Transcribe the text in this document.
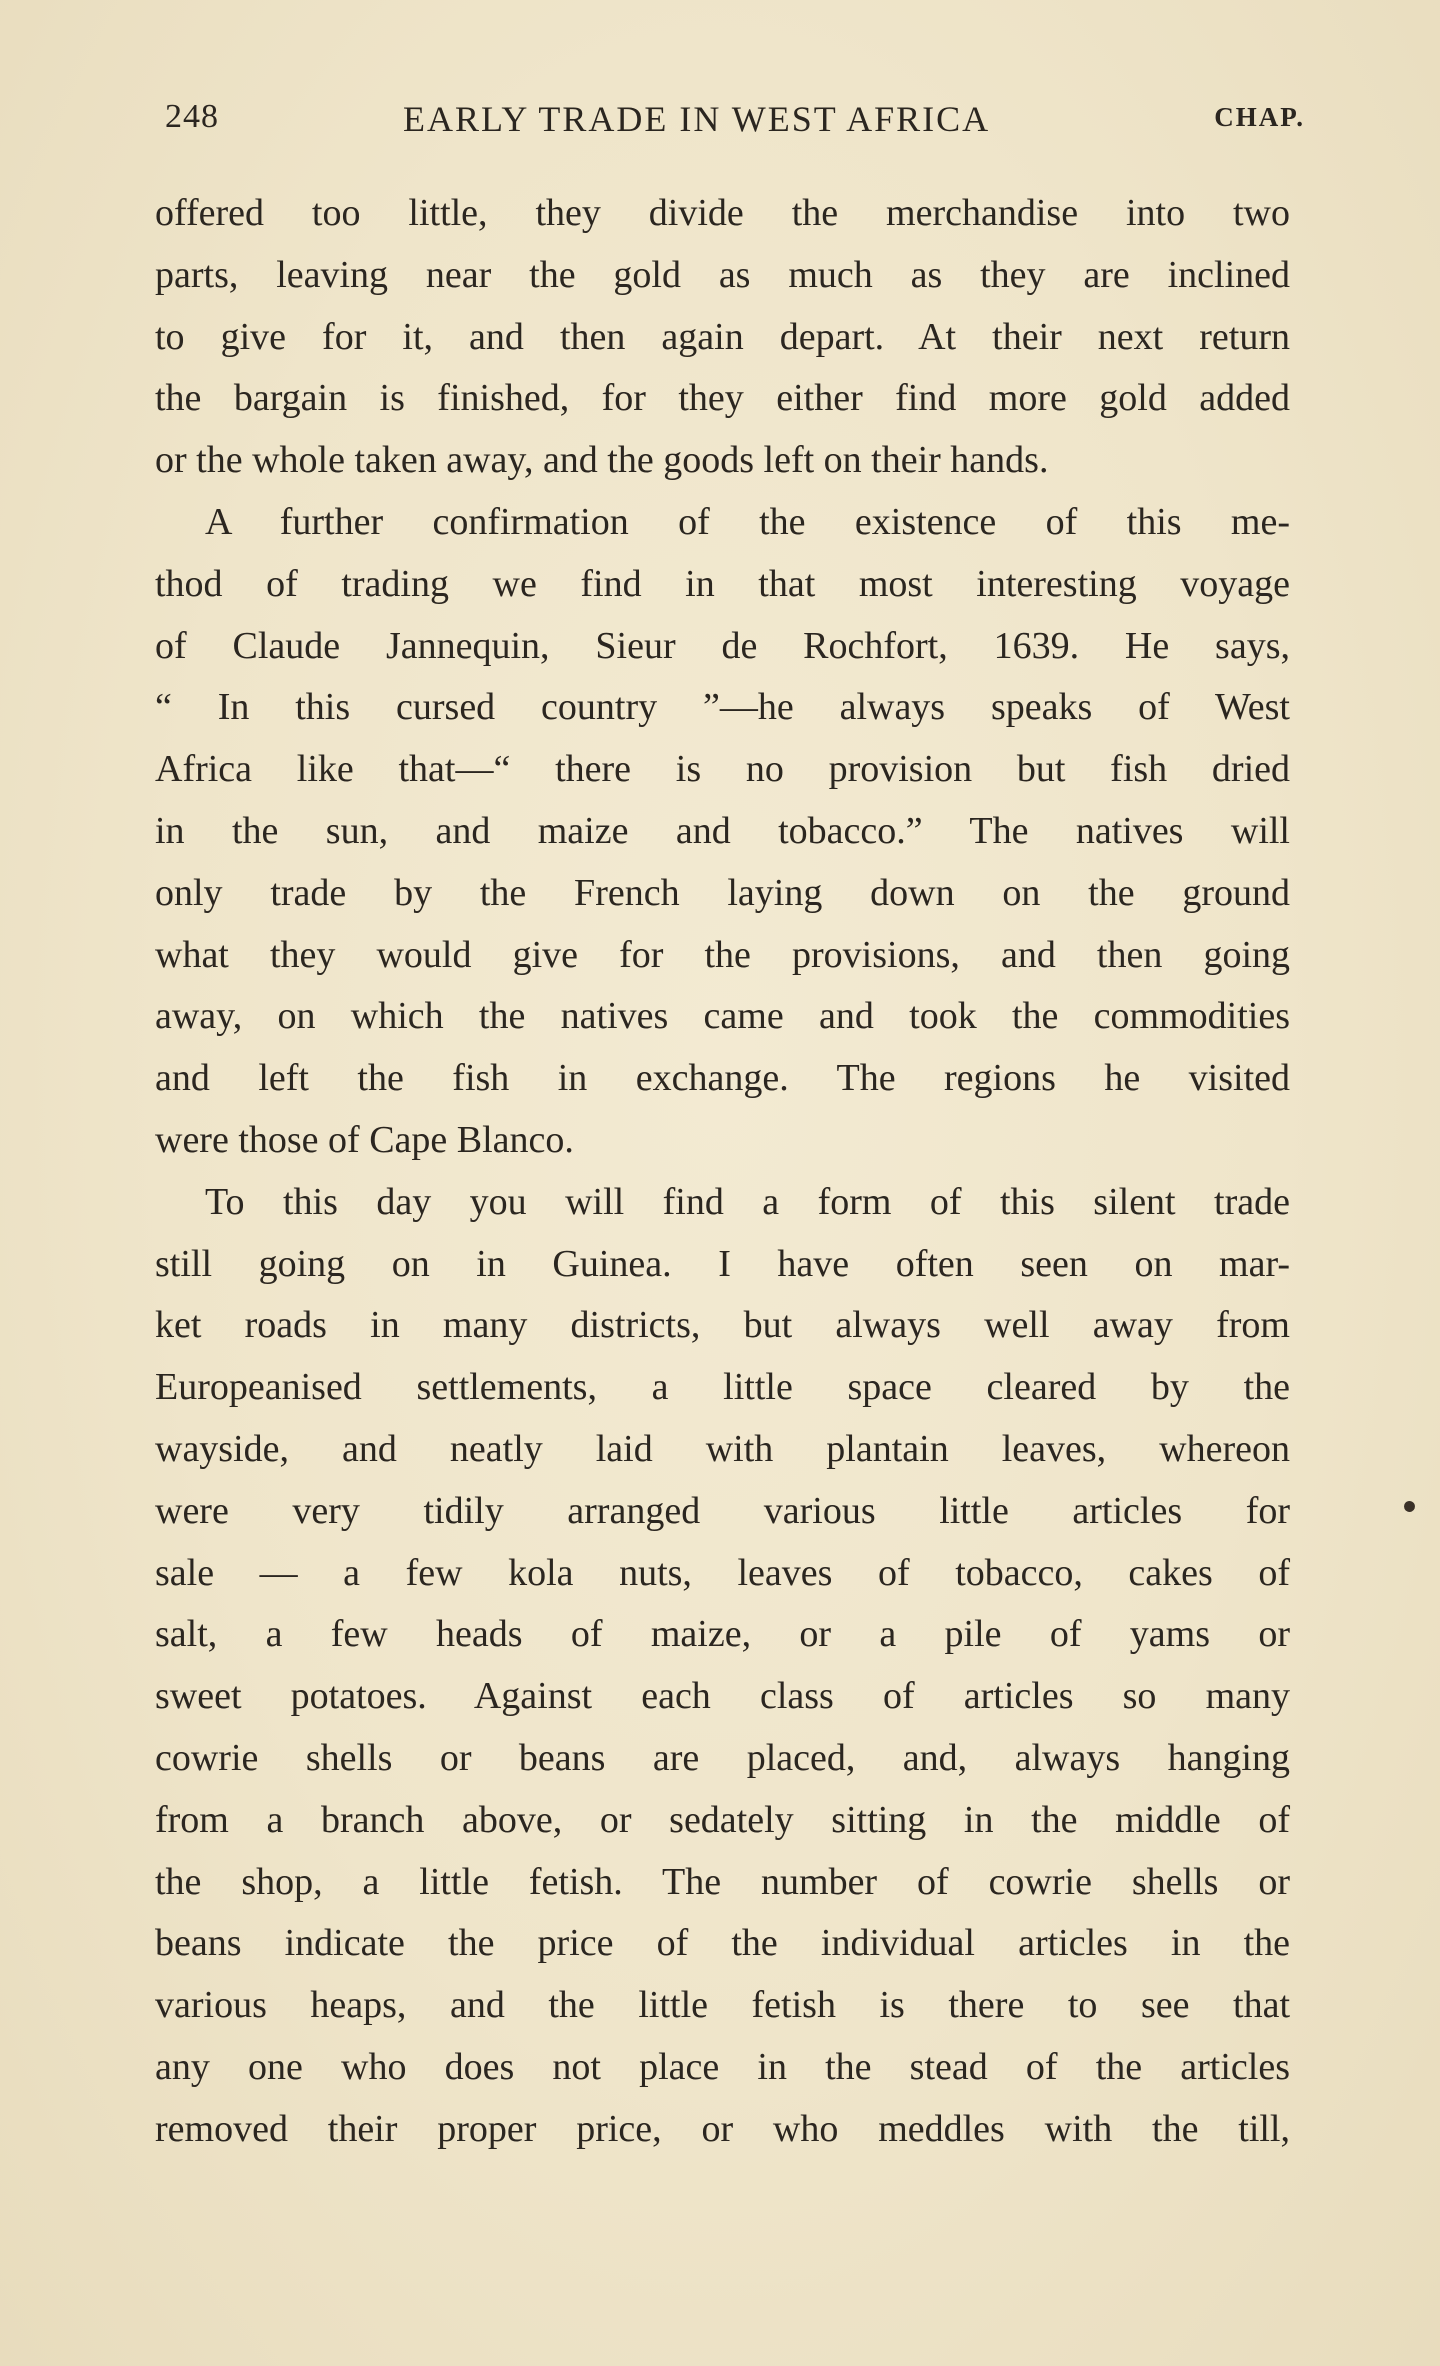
248	EARLY TRADE IN WEST AFRICA	CHAP.
offered too little, they divide the merchandise into two
parts, leaving near the gold as much as they are inclined
to give for it, and then again depart. At their next return
the bargain is finished, for they either find more gold added
or the whole taken away, and the goods left on their hands.
A further confirmation of the existence of this me-
thod of trading we find in that most interesting voyage
of Claude Jannequin, Sieur de Rochfort, 1639. He says,
“ In this cursed country ”—he always speaks of West
Africa like that—“ there is no provision but fish dried
in the sun, and maize and tobacco.” The natives will
only trade by the French laying down on the ground
what they would give for the provisions, and then going
away, on which the natives came and took the commodities
and left the fish in exchange. The regions he visited
were those of Cape Blanco.
To this day you will find a form of this silent trade
still going on in Guinea. I have often seen on mar-
ket roads in many districts, but always well away from
Europeanised settlements, a little space cleared by the
wayside, and neatly laid with plantain leaves, whereon
were very tidily arranged various little articles for
sale — a few kola nuts, leaves of tobacco, cakes of
salt, a few heads of maize, or a pile of yams or
sweet potatoes. Against each class of articles so many
cowrie shells or beans are placed, and, always hanging
from a branch above, or sedately sitting in the middle of
the shop, a little fetish. The number of cowrie shells or
beans indicate the price of the individual articles in the
various heaps, and the little fetish is there to see that
any one who does not place in the stead of the articles
removed their proper price, or who meddles with the till,
